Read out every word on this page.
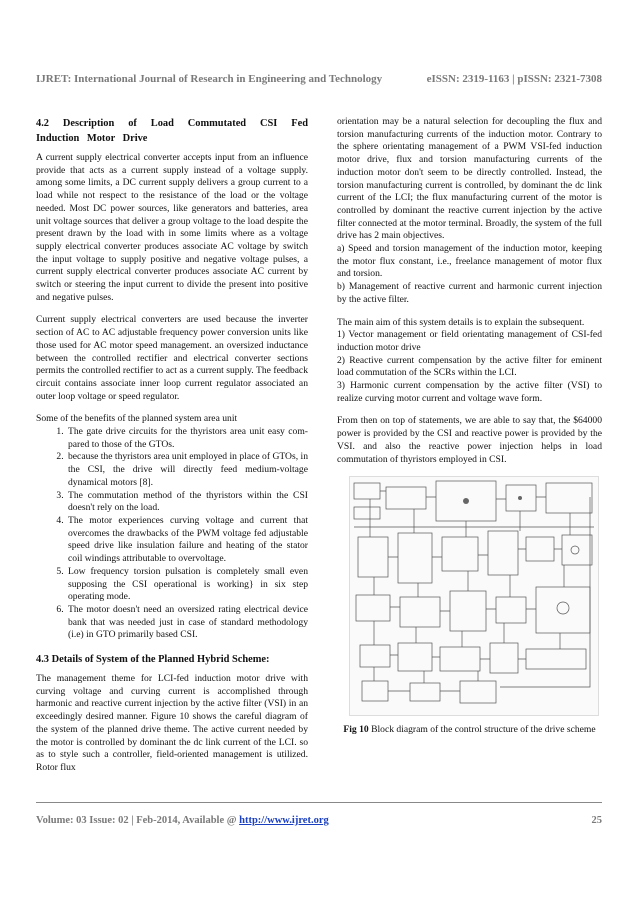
IJRET: International Journal of Research in Engineering and Technology	eISSN: 2319-1163 | pISSN: 2321-7308
4.2 Description of Load Commutated CSI Fed Induction Motor Drive

A current supply electrical converter accepts input from an influence provide that acts as a current supply instead of a voltage supply. among some limits, a DC current supply delivers a group current to a load while not respect to the resistance of the load or the voltage needed. Most DC power sources, like generators and batteries, area unit voltage sources that deliver a group voltage to the load despite the present drawn by the load with in some limits where as a voltage supply electrical converter produces associate AC voltage by switch the input voltage to supply positive and negative voltage pulses, a current supply electrical converter produces associate AC current by switch or steering the input current to divide the present into positive and negative pulses.

Current supply electrical converters are used because the inverter section of AC to AC adjustable frequency power conversion units like those used for AC motor speed management. an oversized inductance between the controlled rectifier and electrical converter sections permits the controlled rectifier to act as a current supply. The feedback circuit contains associate inner loop current regulator associated an outer loop voltage or speed regulator.

Some of the benefits of the planned system area unit
1. The gate drive circuits for the thyristors area unit easy com- pared to those of the GTOs.
2. because the thyristors area unit employed in place of GTOs, in the CSI, the drive will directly feed medium-voltage dynamical motors [8].
3. The commutation method of the thyristors within the CSI doesn't rely on the load.
4. The motor experiences curving voltage and current that overcomes the drawbacks of the PWM voltage fed adjustable speed drive like insulation failure and heating of the stator coil windings attributable to overvoltage.
5. Low frequency torsion pulsation is completely small even supposing the CSI operational is working} in six step operating mode.
6. The motor doesn't need an oversized rating electrical device bank that was needed just in case of standard methodology (i.e) in GTO primarily based CSI.
4.3 Details of System of the Planned Hybrid Scheme:

The management theme for LCI-fed induction motor drive with curving voltage and curving current is accomplished through harmonic and reactive current injection by the active filter (VSI) in an exceedingly desired manner. Figure 10 shows the careful diagram of the system of the planned drive theme. The active current needed by the motor is controlled by dominant the dc link current of the LCI. so as to style such a controller, field-oriented management is utilized. Rotor flux

orientation may be a natural selection for decoupling the flux and torsion manufacturing currents of the induction motor. Contrary to the sphere orientating management of a PWM VSI-fed induction motor drive, flux and torsion manufacturing currents of the induction motor don't seem to be directly controlled. Instead, the torsion manufacturing current is controlled, by dominant the dc link current of the LCI; the flux manufacturing current of the motor is controlled by dominant the reactive current injection by the active filter connected at the motor terminal. Broadly, the system of the full drive has 2 main objectives.
a) Speed and torsion management of the induction motor, keeping the motor flux constant, i.e., freelance management of motor flux and torsion.
b) Management of reactive current and harmonic current injection by the active filter.

The main aim of this system details is to explain the subsequent.
1) Vector management or field orientating management of CSI-fed induction motor drive
2) Reactive current compensation by the active filter for eminent load commutation of the SCRs within the LCI.
3) Harmonic current compensation by the active filter (VSI) to realize curving motor current and voltage wave form.

From then on top of statements, we are able to say that, the $64000 power is provided by the CSI and reactive power is provided by the VSI. and also the reactive power injection helps in load commutation of thyristors employed in CSI.

Fig 10 Block diagram of the control structure of the drive scheme
Volume: 03 Issue: 02 | Feb-2014, Available @ http://www.ijret.org	25
